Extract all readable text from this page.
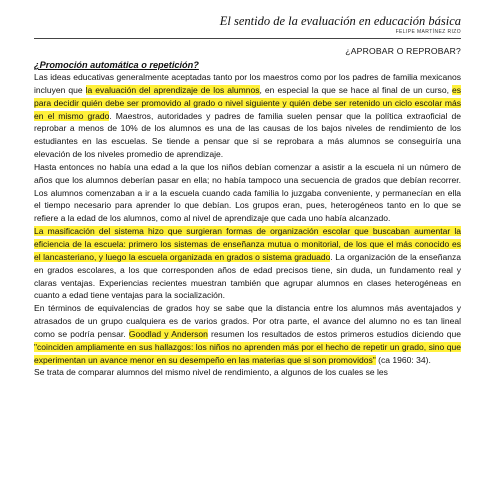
El sentido de la evaluación en educación básica

FELIPE MARTÍNEZ RIZO

¿APROBAR O REPROBAR?

¿Promoción automática o repetición?

Las ideas educativas generalmente aceptadas tanto por los maestros como por los padres de familia mexicanos incluyen que la evaluación del aprendizaje de los alumnos, en especial la que se hace al final de un curso, es para decidir quién debe ser promovido al grado o nivel siguiente y quién debe ser retenido un ciclo escolar más en el mismo grado. Maestros, autoridades y padres de familia suelen pensar que la política extraoficial de reprobar a menos de 10% de los alumnos es una de las causas de los bajos niveles de rendimiento de los estudiantes en las escuelas. Se tiende a pensar que si se reprobara a más alumnos se conseguiría una elevación de los niveles promedio de aprendizaje.

Hasta entonces no había una edad a la que los niños debían comenzar a asistir a la escuela ni un número de años que los alumnos deberían pasar en ella; no había tampoco una secuencia de grados que debían recorrer. Los alumnos comenzaban a ir a la escuela cuando cada familia lo juzgaba conveniente, y permanecían en ella el tiempo necesario para aprender lo que debían. Los grupos eran, pues, heterogéneos tanto en lo que se refiere a la edad de los alumnos, como al nivel de aprendizaje que cada uno había alcanzado.

La masificación del sistema hizo que surgieran formas de organización escolar que buscaban aumentar la eficiencia de la escuela: primero los sistemas de enseñanza mutua o monitorial, de los que el más conocido es el lancasteriano, y luego la escuela organizada en grados o sistema graduado. La organización de la enseñanza en grados escolares, a los que corresponden años de edad precisos tiene, sin duda, un fundamento real y claras ventajas. Experiencias recientes muestran también que agrupar alumnos en clases heterogéneas en cuanto a edad tiene ventajas para la socialización.

En términos de equivalencias de grados hoy se sabe que la distancia entre los alumnos más aventajados y atrasados de un grupo cualquiera es de varios grados. Por otra parte, el avance del alumno no es tan lineal como se podría pensar. Goodlad y Anderson resumen los resultados de estos primeros estudios diciendo que "coinciden ampliamente en sus hallazgos: los niños no aprenden más por el hecho de repetir un grado, sino que experimentan un avance menor en su desempeño en las materias que si son promovidos" (ca 1960: 34).

Se trata de comparar alumnos del mismo nivel de rendimiento, a algunos de los cuales se les
